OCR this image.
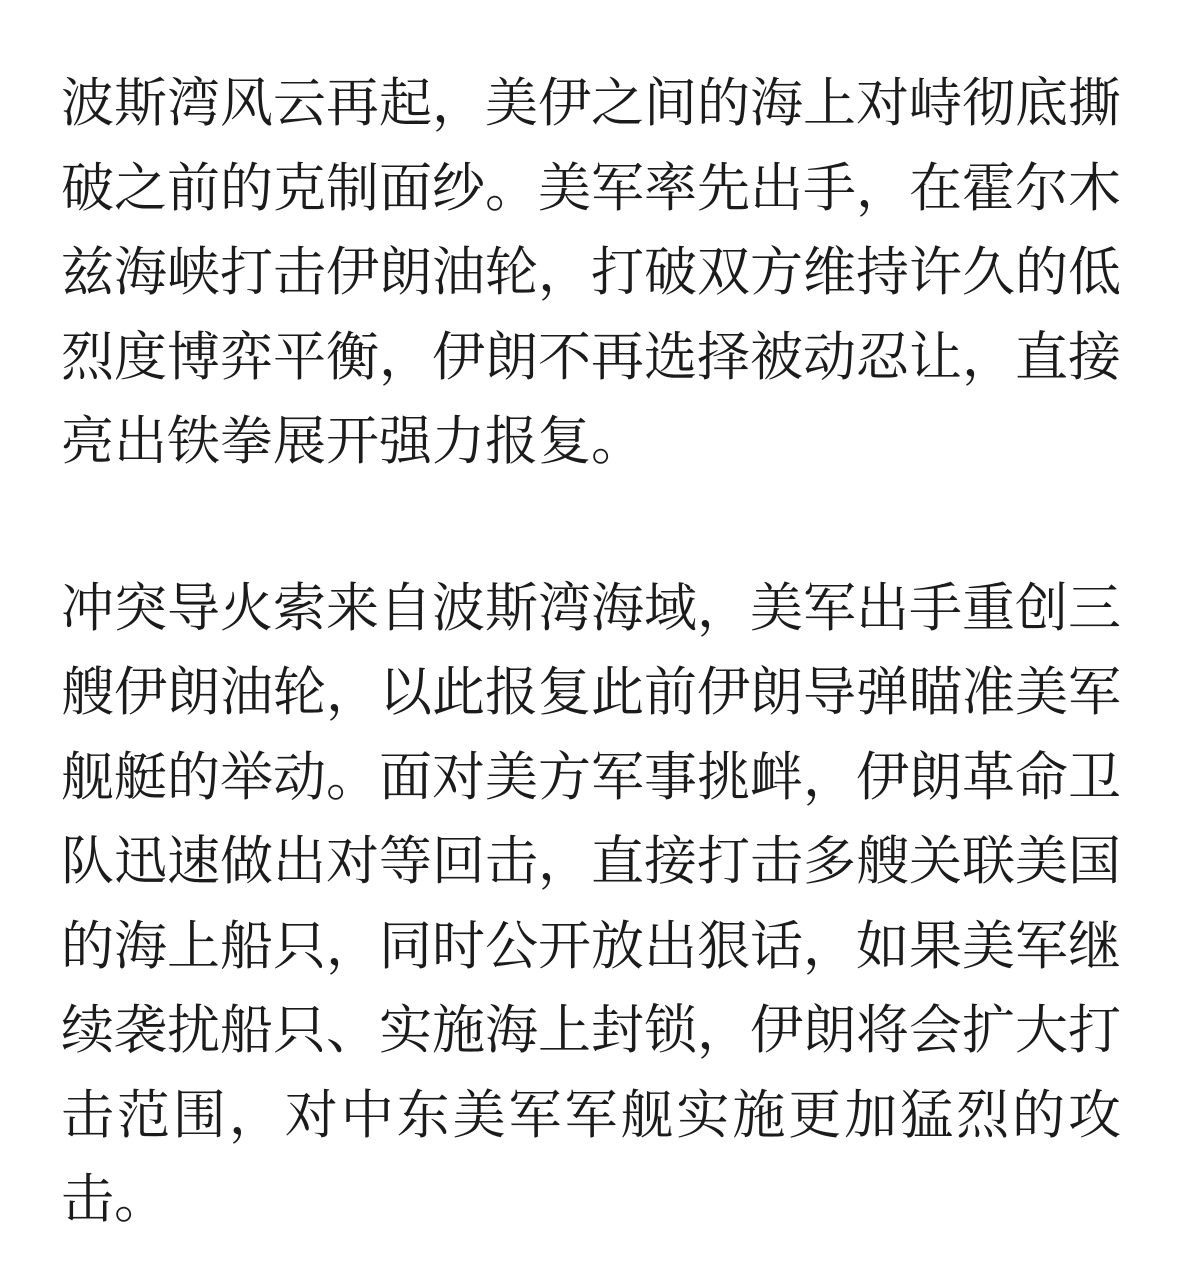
波斯湾风云再起，美伊之间的海上对峙彻底撕破之前的克制面纱。美军率先出手，在霍尔木兹海峡打击伊朗油轮，打破双方维持许久的低烈度博弈平衡，伊朗不再选择被动忍让，直接亮出铁拳展开强力报复。

冲突导火索来自波斯湾海域，美军出手重创三艘伊朗油轮，以此报复此前伊朗导弹瞄准美军舰艇的举动。面对美方军事挑衅，伊朗革命卫队迅速做出对等回击，直接打击多艘关联美国的海上船只，同时公开放出狠话，如果美军继续袭扰船只、实施海上封锁，伊朗将会扩大打击范围，对中东美军军舰实施更加猛烈的攻击。
